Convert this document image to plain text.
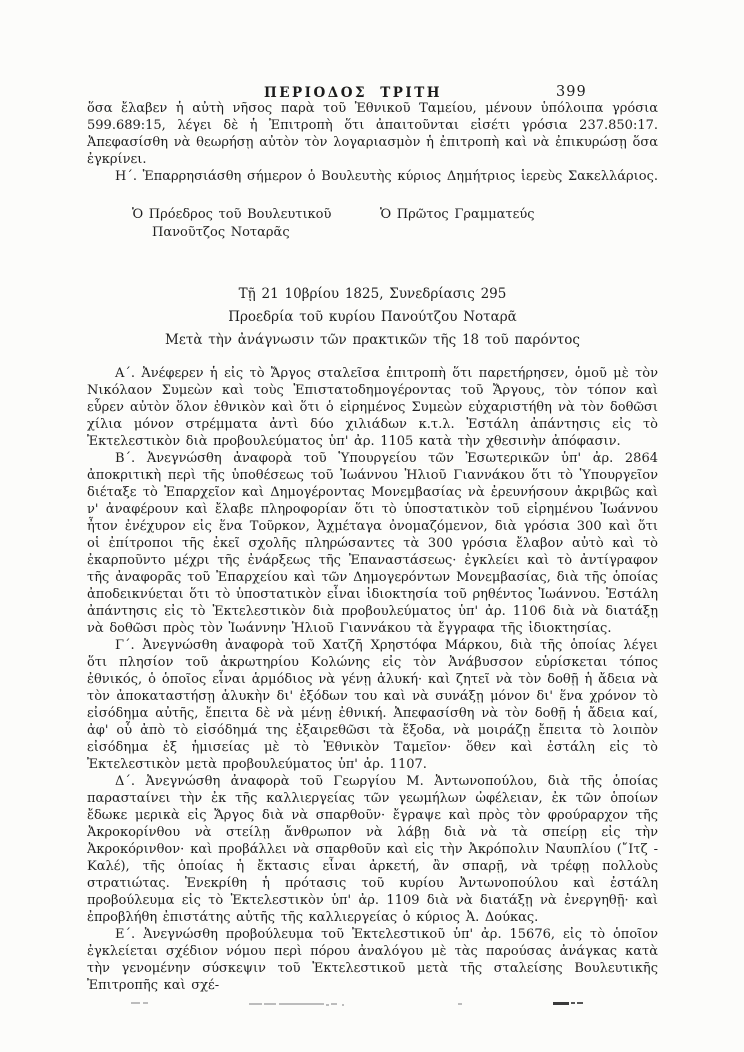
ΠΕΡΙΟΔΟΣ ΤΡΙΤΗ	399

ὅσα ἔλαβεν ἡ αὐτὴ νῆσος παρὰ τοῦ Ἐθνικοῦ Ταμείου, μένουν ὑπόλοιπα γρόσια 599.689:15, λέγει δὲ ἡ Ἐπιτροπὴ ὅτι ἀπαιτοῦνται εἰσέτι γρόσια 237.850:17. Ἀπεφασίσθη νὰ θεωρήσῃ αὐτὸν τὸν λογαριασμὸν ἡ ἐπιτροπὴ καὶ νὰ ἐπικυρώσῃ ὅσα ἐγκρίνει.

Η΄. Ἐπαρρησιάσθη σήμερον ὁ Βουλευτὴς κύριος Δημήτριος ἱερεὺς Σακελλάριος.

Ὁ Πρόεδρος τοῦ Βουλευτικοῦ
Πανοῦτζος Νοταρᾶς
Ὁ Πρῶτος Γραμματεύς
Τῇ 21 10βρίου 1825, Συνεδρίασις 295
Προεδρία τοῦ κυρίου Πανούτζου Νοταρᾶ
Μετὰ τὴν ἀνάγνωσιν τῶν πρακτικῶν τῆς 18 τοῦ παρόντος

Α΄. Ἀνέφερεν ἡ εἰς τὸ Ἄργος σταλεῖσα ἐπιτροπὴ ὅτι παρετήρησεν, ὁμοῦ μὲ τὸν Νικόλαον Συμεὼν καὶ τοὺς Ἐπιστατοδημογέροντας τοῦ Ἄργους, τὸν τόπον καὶ εὗρεν αὐτὸν ὅλον ἐθνικὸν καὶ ὅτι ὁ εἰρημένος Συμεὼν εὐχαριστήθη νὰ τὸν δοθῶσι χίλια μόνον στρέμματα ἀντὶ δύο χιλιάδων κ.τ.λ. Ἐστάλη ἀπάντησις εἰς τὸ Ἐκτελεστικὸν διὰ προβουλεύματος ὑπ' ἀρ. 1105 κατὰ τὴν χθεσινὴν ἀπόφασιν.

Β΄. Ἀνεγνώσθη ἀναφορὰ τοῦ Ὑπουργείου τῶν Ἐσωτερικῶν ὑπ' ἀρ. 2864 ἀποκριτικὴ περὶ τῆς ὑποθέσεως τοῦ Ἰωάννου Ἠλιοῦ Γιαννάκου ὅτι τὸ Ὑπουργεῖον διέταξε τὸ Ἐπαρχεῖον καὶ Δημογέροντας Μονεμβασίας νὰ ἐρευνήσουν ἀκριβῶς καὶ ν' ἀναφέρουν καὶ ἔλαβε πληροφορίαν ὅτι τὸ ὑποστατικὸν τοῦ εἰρημένου Ἰωάννου ἦτον ἐνέχυρον εἰς ἕνα Τοῦρκον, Ἀχμέταγα ὀνομαζόμενον, διὰ γρόσια 300 καὶ ὅτι οἱ ἐπίτροποι τῆς ἐκεῖ σχολῆς πληρώσαντες τὰ 300 γρόσια ἔλαβον αὐτὸ καὶ τὸ ἐκαρποῦντο μέχρι τῆς ἐνάρξεως τῆς Ἐπαναστάσεως· ἐγκλείει καὶ τὸ ἀντίγραφον τῆς ἀναφορᾶς τοῦ Ἐπαρχείου καὶ τῶν Δημογερόντων Μονεμβασίας, διὰ τῆς ὁποίας ἀποδεικνύεται ὅτι τὸ ὑποστατικὸν εἶναι ἰδιοκτησία τοῦ ρηθέντος Ἰωάννου. Ἐστάλη ἀπάντησις εἰς τὸ Ἐκτελεστικὸν διὰ προβουλεύματος ὑπ' ἀρ. 1106 διὰ νὰ διατάξῃ νὰ δοθῶσι πρὸς τὸν Ἰωάννην Ἠλιοῦ Γιαννάκου τὰ ἔγγραφα τῆς ἰδιοκτησίας.

Γ΄. Ἀνεγνώσθη ἀναφορὰ τοῦ Χατζῆ Χρηστόφα Μάρκου, διὰ τῆς ὁποίας λέγει ὅτι πλησίον τοῦ ἀκρωτηρίου Κολώνης εἰς τὸν Ἀνάβυσσον εὑρίσκεται τόπος ἐθνικός, ὁ ὁποῖος εἶναι ἁρμόδιος νὰ γένῃ ἁλυκή· καὶ ζητεῖ νὰ τὸν δοθῇ ἡ ἄδεια νὰ τὸν ἀποκαταστήσῃ ἁλυκὴν δι' ἐξόδων του καὶ νὰ συνάξῃ μόνον δι' ἕνα χρόνον τὸ εἰσόδημα αὐτῆς, ἔπειτα δὲ νὰ μένῃ ἐθνική. Ἀπεφασίσθη νὰ τὸν δοθῇ ἡ ἄδεια καί, ἀφ' οὗ ἀπὸ τὸ εἰσόδημά της ἐξαιρεθῶσι τὰ ἔξοδα, νὰ μοιράζῃ ἔπειτα τὸ λοιπὸν εἰσόδημα ἐξ ἡμισείας μὲ τὸ Ἐθνικὸν Ταμεῖον· ὅθεν καὶ ἐστάλη εἰς τὸ Ἐκτελεστικὸν μετὰ προβουλεύματος ὑπ' ἀρ. 1107.

Δ΄. Ἀνεγνώσθη ἀναφορὰ τοῦ Γεωργίου Μ. Ἀντωνοπούλου, διὰ τῆς ὁποίας παρασταίνει τὴν ἐκ τῆς καλλιεργείας τῶν γεωμήλων ὠφέλειαν, ἐκ τῶν ὁποίων ἔδωκε μερικὰ εἰς Ἄργος διὰ νὰ σπαρθοῦν· ἔγραψε καὶ πρὸς τὸν φρούραρχον τῆς Ἀκροκορίνθου νὰ στείλῃ ἄνθρωπον νὰ λάβῃ διὰ νὰ τὰ σπείρῃ εἰς τὴν Ἀκροκόρινθον· καὶ προβάλλει νὰ σπαρθοῦν καὶ εἰς τὴν Ἀκρόπολιν Ναυπλίου (῎Ιτζ - Καλέ), τῆς ὁποίας ἡ ἔκτασις εἶναι ἀρκετή, ἂν σπαρῇ, νὰ τρέφῃ πολλοὺς στρατιώτας. Ἐνεκρίθη ἡ πρότασις τοῦ κυρίου Ἀντωνοπούλου καὶ ἐστάλη προβούλευμα εἰς τὸ Ἐκτελεστικὸν ὑπ' ἀρ. 1109 διὰ νὰ διατάξῃ νὰ ἐνεργηθῇ· καὶ ἐπροβλήθη ἐπιστάτης αὐτῆς τῆς καλλιεργείας ὁ κύριος Ἀ. Δούκας.

Ε΄. Ἀνεγνώσθη προβούλευμα τοῦ Ἐκτελεστικοῦ ὑπ' ἀρ. 15676, εἰς τὸ ὁποῖον ἐγκλείεται σχέδιον νόμου περὶ πόρου ἀναλόγου μὲ τὰς παρούσας ἀνάγκας κατὰ τὴν γενομένην σύσκεψιν τοῦ Ἐκτελεστικοῦ μετὰ τῆς σταλείσης Βουλευτικῆς Ἐπιτροπῆς καὶ σχέ-
